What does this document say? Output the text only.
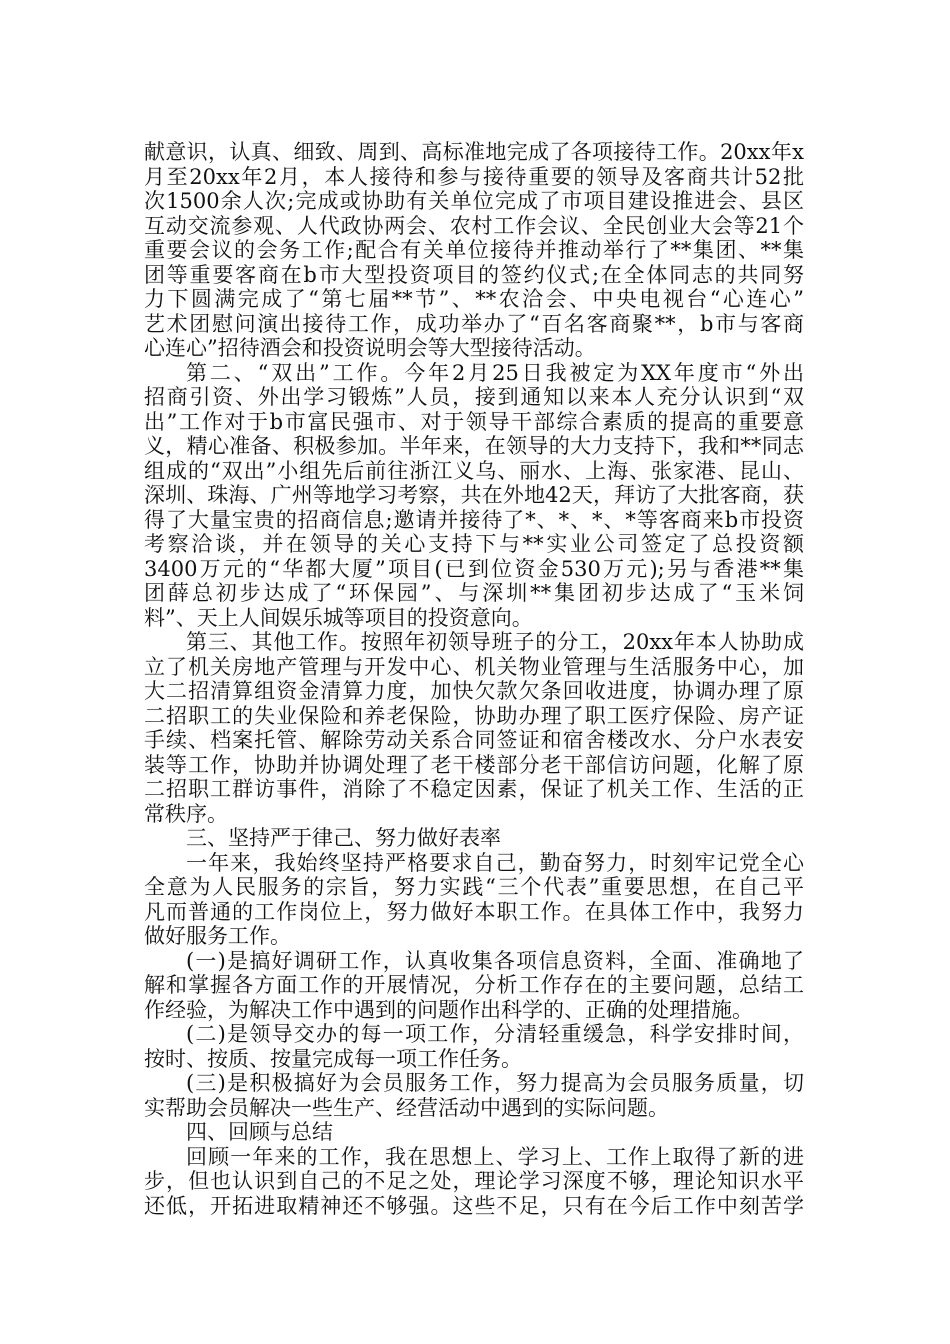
献意识，认真、细致、周到、高标准地完成了各项接待工作。20xx年x
月至20xx年2月，本人接待和参与接待重要的领导及客商共计52批
次1500余人次;完成或协助有关单位完成了市项目建设推进会、县区
互动交流参观、人代政协两会、农村工作会议、全民创业大会等21个
重要会议的会务工作;配合有关单位接待并推动举行了**集团、**集
团等重要客商在b市大型投资项目的签约仪式;在全体同志的共同努
力下圆满完成了“第七届**节”、**农洽会、中央电视台“心连心”
艺术团慰问演出接待工作，成功举办了“百名客商聚**，b市与客商
心连心”招待酒会和投资说明会等大型接待活动。
第二、“双出”工作。今年2月25日我被定为XX年度市“外出
招商引资、外出学习锻炼”人员，接到通知以来本人充分认识到“双
出”工作对于b市富民强市、对于领导干部综合素质的提高的重要意
义，精心准备、积极参加。半年来，在领导的大力支持下，我和**同志
组成的“双出”小组先后前往浙江义乌、丽水、上海、张家港、昆山、
深圳、珠海、广州等地学习考察，共在外地42天，拜访了大批客商，获
得了大量宝贵的招商信息;邀请并接待了*、*、*、*等客商来b市投资
考察洽谈，并在领导的关心支持下与**实业公司签定了总投资额
3400万元的“华都大厦”项目(已到位资金530万元);另与香港**集
团薛总初步达成了“环保园”、与深圳**集团初步达成了“玉米饲
料”、天上人间娱乐城等项目的投资意向。
第三、其他工作。按照年初领导班子的分工，20xx年本人协助成
立了机关房地产管理与开发中心、机关物业管理与生活服务中心，加
大二招清算组资金清算力度，加快欠款欠条回收进度，协调办理了原
二招职工的失业保险和养老保险，协助办理了职工医疗保险、房产证
手续、档案托管、解除劳动关系合同签证和宿舍楼改水、分户水表安
装等工作，协助并协调处理了老干楼部分老干部信访问题，化解了原
二招职工群访事件，消除了不稳定因素，保证了机关工作、生活的正
常秩序。
三、坚持严于律己、努力做好表率
一年来，我始终坚持严格要求自己，勤奋努力，时刻牢记党全心
全意为人民服务的宗旨，努力实践“三个代表”重要思想，在自己平
凡而普通的工作岗位上，努力做好本职工作。在具体工作中，我努力
做好服务工作。
(一)是搞好调研工作，认真收集各项信息资料，全面、准确地了
解和掌握各方面工作的开展情况，分析工作存在的主要问题，总结工
作经验，为解决工作中遇到的问题作出科学的、正确的处理措施。
(二)是领导交办的每一项工作，分清轻重缓急，科学安排时间，
按时、按质、按量完成每一项工作任务。
(三)是积极搞好为会员服务工作，努力提高为会员服务质量，切
实帮助会员解决一些生产、经营活动中遇到的实际问题。
四、回顾与总结
回顾一年来的工作，我在思想上、学习上、工作上取得了新的进
步，但也认识到自己的不足之处，理论学习深度不够，理论知识水平
还低，开拓进取精神还不够强。这些不足，只有在今后工作中刻苦学
